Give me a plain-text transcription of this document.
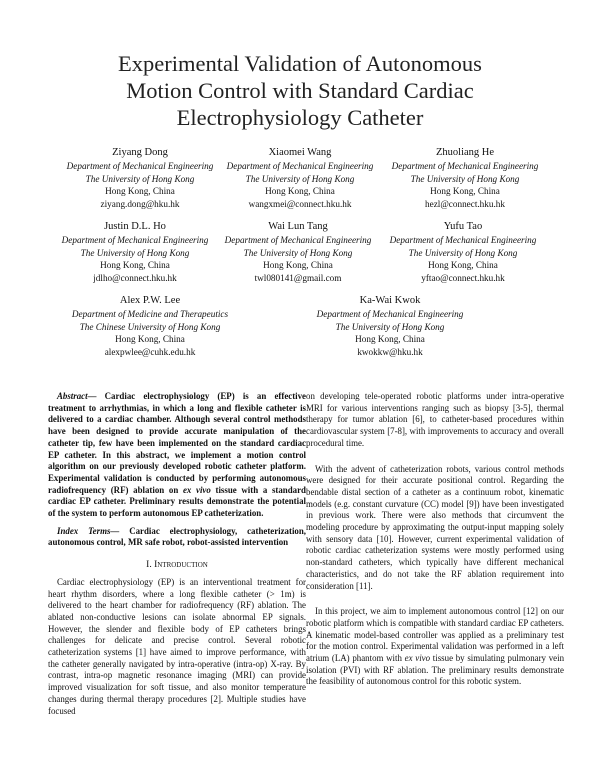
Experimental Validation of Autonomous
Motion Control with Standard Cardiac
Electrophysiology Catheter
Ziyang Dong
Department of Mechanical Engineering
The University of Hong Kong
Hong Kong, China
ziyang.dong@hku.hk
Xiaomei Wang
Department of Mechanical Engineering
The University of Hong Kong
Hong Kong, China
wangxmei@connect.hku.hk
Zhuoliang He
Department of Mechanical Engineering
The University of Hong Kong
Hong Kong, China
hezl@connect.hku.hk
Justin D.L. Ho
Department of Mechanical Engineering
The University of Hong Kong
Hong Kong, China
jdlho@connect.hku.hk
Wai Lun Tang
Department of Mechanical Engineering
The University of Hong Kong
Hong Kong, China
twl080141@gmail.com
Yufu Tao
Department of Mechanical Engineering
The University of Hong Kong
Hong Kong, China
yftao@connect.hku.hk
Alex P.W. Lee
Department of Medicine and Therapeutics
The Chinese University of Hong Kong
Hong Kong, China
alexpwlee@cuhk.edu.hk
Ka-Wai Kwok
Department of Mechanical Engineering
The University of Hong Kong
Hong Kong, China
kwokkw@hku.hk

Abstract— Cardiac electrophysiology (EP) is an effective treatment to arrhythmias, in which a long and flexible catheter is delivered to a cardiac chamber. Although several control methods have been designed to provide accurate manipulation of the catheter tip, few have been implemented on the standard cardiac EP catheter. In this abstract, we implement a motion control algorithm on our previously developed robotic catheter platform. Experimental validation is conducted by performing autonomous radiofrequency (RF) ablation on ex vivo tissue with a standard cardiac EP catheter. Preliminary results demonstrate the potential of the system to perform autonomous EP catheterization.

Index Terms— Cardiac electrophysiology, catheterization, autonomous control, MR safe robot, robot-assisted intervention

I. Introduction

Cardiac electrophysiology (EP) is an interventional treatment for heart rhythm disorders, where a long flexible catheter (> 1m) is delivered to the heart chamber for radiofrequency (RF) ablation. The ablated non-conductive lesions can isolate abnormal EP signals. However, the slender and flexible body of EP catheters brings challenges for delicate and precise control. Several robotic catheterization systems [1] have aimed to improve performance, with the catheter generally navigated by intra-operative (intra-op) X-ray. By contrast, intra-op magnetic resonance imaging (MRI) can provide improved visualization for soft tissue, and also monitor temperature changes during thermal therapy procedures [2]. Multiple studies have focused

on developing tele-operated robotic platforms under intra-operative MRI for various interventions ranging such as biopsy [3-5], thermal therapy for tumor ablation [6], to catheter-based procedures within cardiovascular system [7-8], with improvements to accuracy and overall procedural time.

With the advent of catheterization robots, various control methods were designed for their accurate positional control. Regarding the bendable distal section of a catheter as a continuum robot, kinematic models (e.g. constant curvature (CC) model [9]) have been investigated in previous work. There were also methods that circumvent the modeling procedure by approximating the output-input mapping solely with sensory data [10]. However, current experimental validation of robotic cardiac catheterization systems were mostly performed using non-standard catheters, which typically have different mechanical characteristics, and do not take the RF ablation requirement into consideration [11].

In this project, we aim to implement autonomous control [12] on our robotic platform which is compatible with standard cardiac EP catheters. A kinematic model-based controller was applied as a preliminary test for the motion control. Experimental validation was performed in a left atrium (LA) phantom with ex vivo tissue by simulating pulmonary vein isolation (PVI) with RF ablation. The preliminary results demonstrate the feasibility of autonomous control for this robotic system.
